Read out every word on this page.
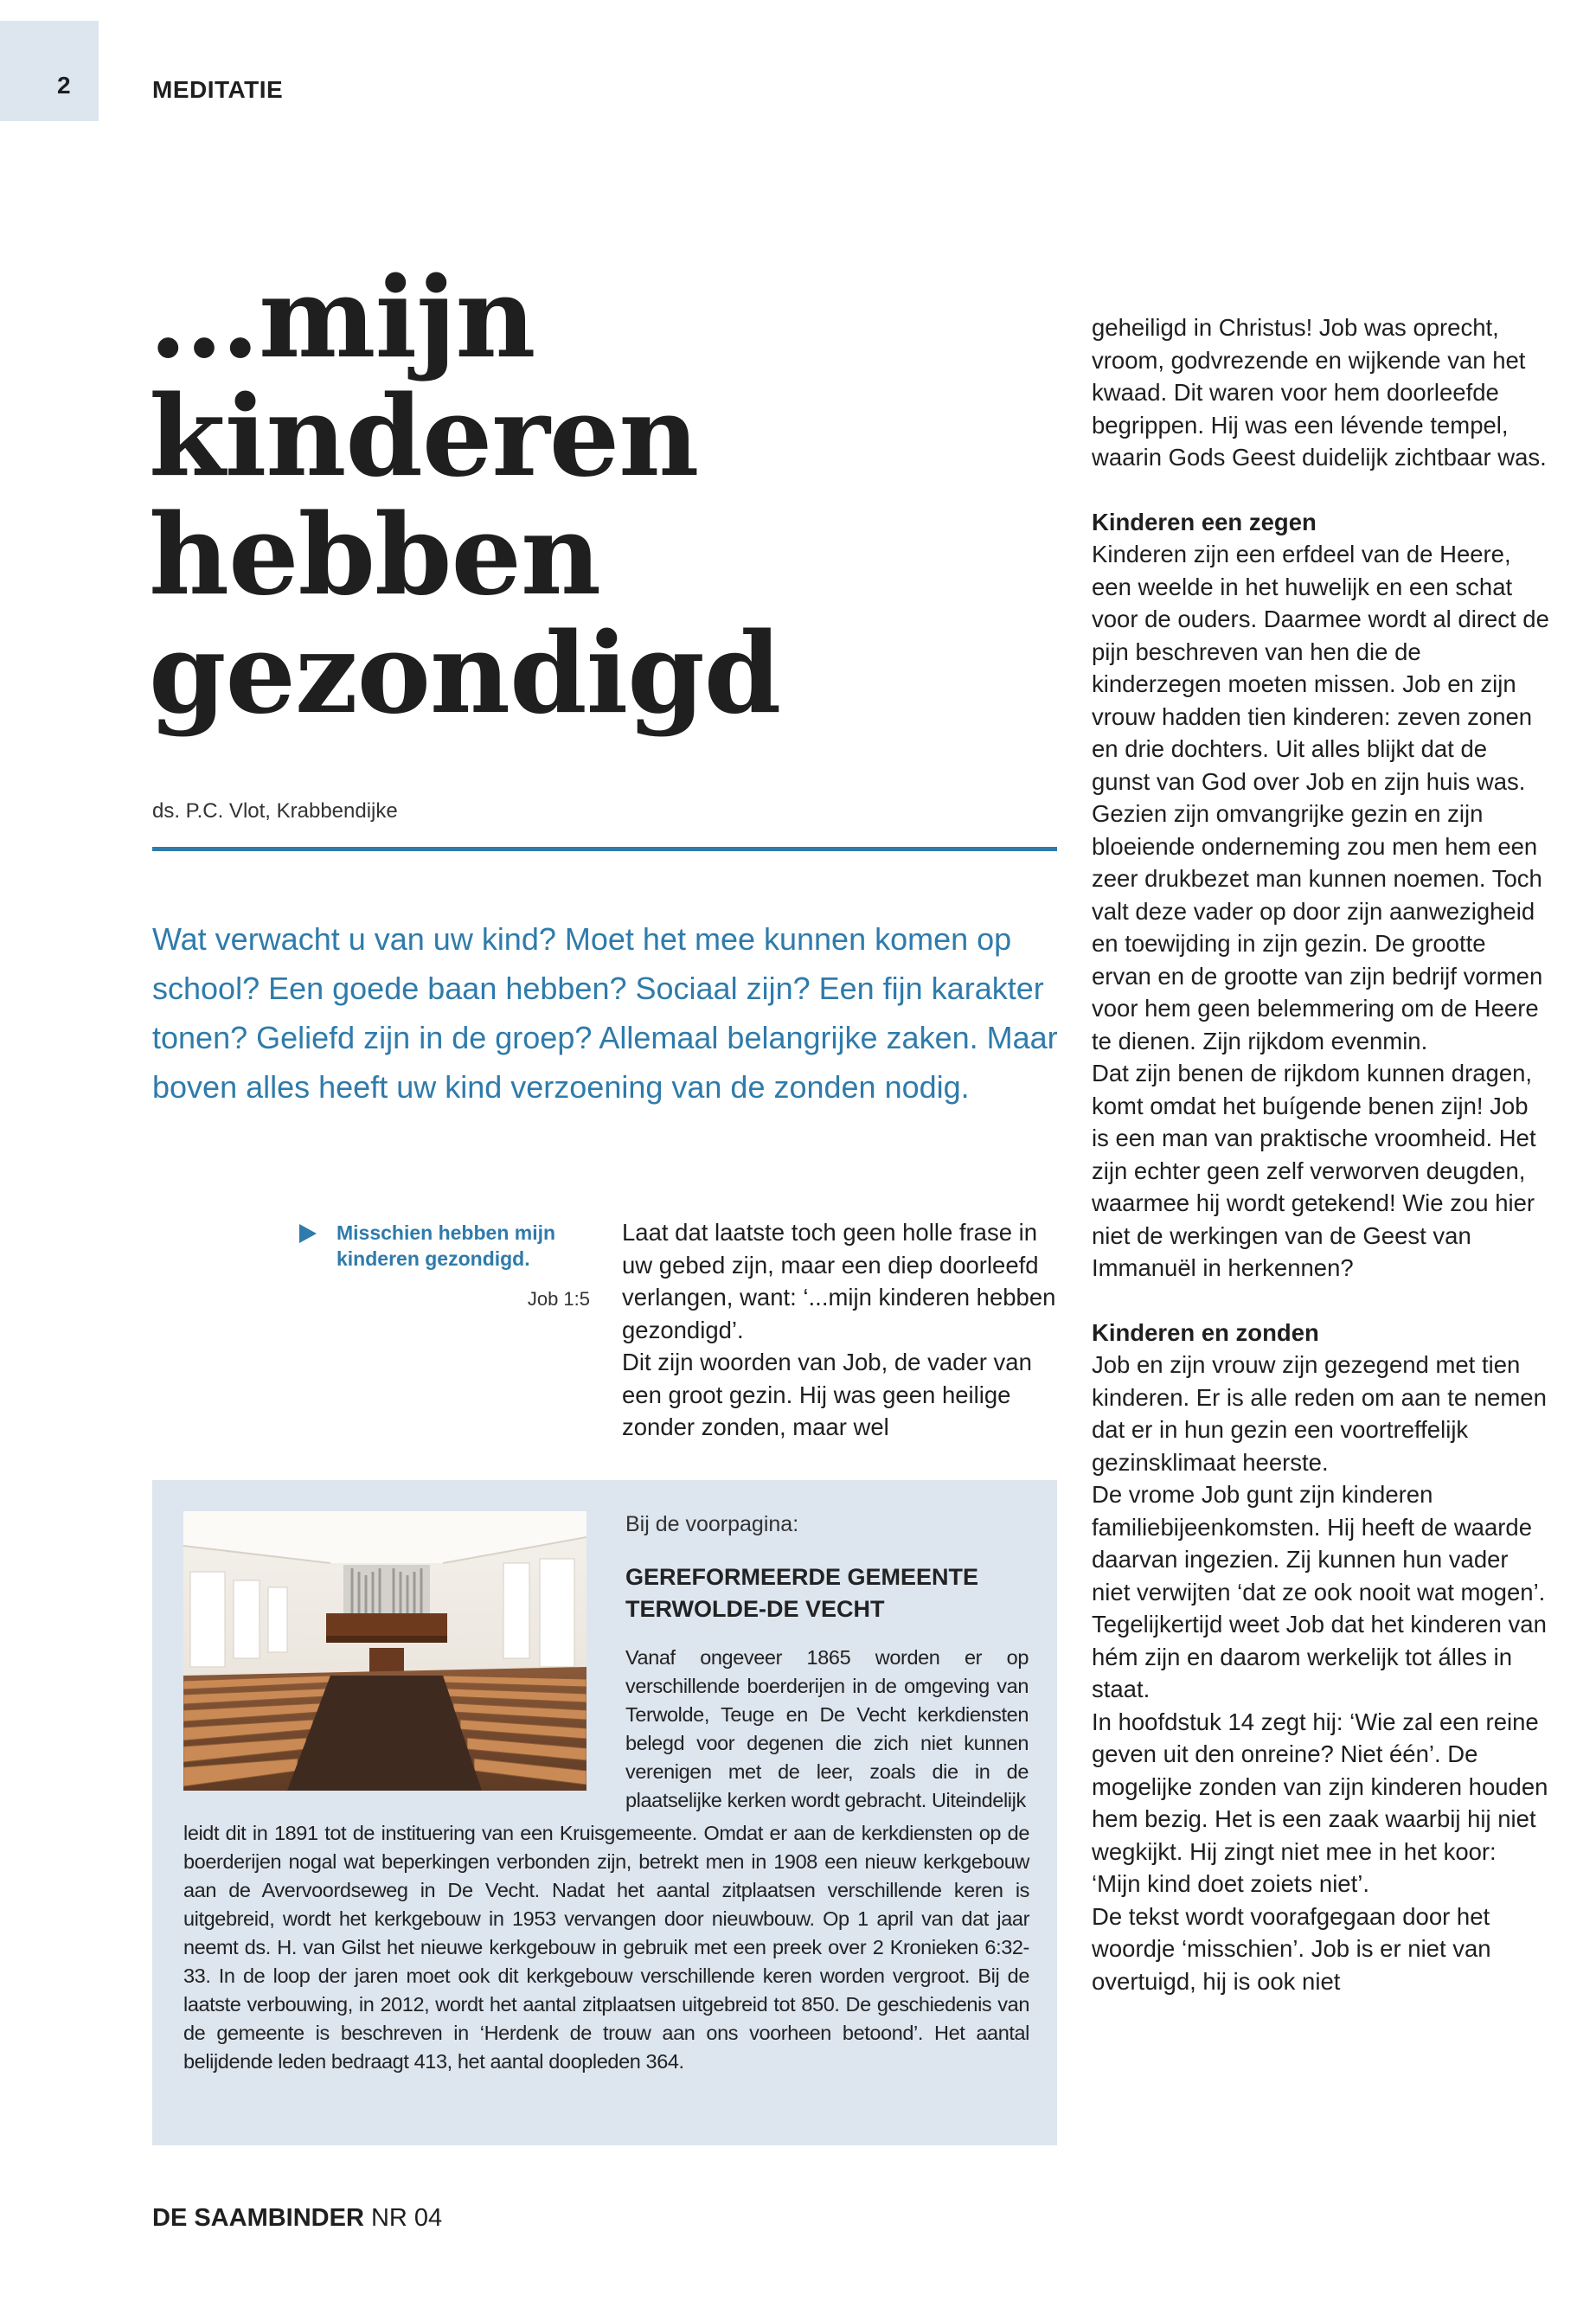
2	MEDITATIE
…mijn
kinderen
hebben
gezondigd
ds. P.C. Vlot, Krabbendijke
Wat verwacht u van uw kind? Moet het mee kunnen komen op school? Een goede baan hebben? Sociaal zijn? Een fijn karakter tonen? Geliefd zijn in de groep? Allemaal belangrijke zaken. Maar boven alles heeft uw kind verzoening van de zonden nodig.
Misschien hebben mijn kinderen gezondigd.
Job 1:5

Laat dat laatste toch geen holle frase in uw gebed zijn, maar een diep doorleefd verlangen, want: ‘...mijn kinderen hebben gezondigd’.

Dit zijn woorden van Job, de vader van een groot gezin. Hij was geen heilige zonder zonden, maar wel

geheiligd in Christus! Job was oprecht, vroom, godvrezende en wijkende van het kwaad. Dit waren voor hem doorleefde begrippen. Hij was een lévende tempel, waarin Gods Geest duidelijk zichtbaar was.

Kinderen een zegen

Kinderen zijn een erfdeel van de Heere, een weelde in het huwelijk en een schat voor de ouders. Daarmee wordt al direct de pijn beschreven van hen die de kinderzegen moeten missen. Job en zijn vrouw hadden tien kinderen: zeven zonen en drie dochters. Uit alles blijkt dat de gunst van God over Job en zijn huis was.

Gezien zijn omvangrijke gezin en zijn bloeiende onderneming zou men hem een zeer drukbezet man kunnen noemen. Toch valt deze vader op door zijn aanwezigheid en toewijding in zijn gezin. De grootte ervan en de grootte van zijn bedrijf vormen voor hem geen belemmering om de Heere te dienen. Zijn rijkdom evenmin.

Dat zijn benen de rijkdom kunnen dragen, komt omdat het buígende benen zijn! Job is een man van praktische vroomheid. Het zijn echter geen zelf verworven deugden, waarmee hij wordt getekend! Wie zou hier niet de werkingen van de Geest van Immanuël in herkennen?

Kinderen en zonden

Job en zijn vrouw zijn gezegend met tien kinderen. Er is alle reden om aan te nemen dat er in hun gezin een voortreffelijk gezinsklimaat heerste.

De vrome Job gunt zijn kinderen familiebijeenkomsten. Hij heeft de waarde daarvan ingezien. Zij kunnen hun vader niet verwijten ‘dat ze ook nooit wat mogen’. Tegelijkertijd weet Job dat het kinderen van hém zijn en daarom werkelijk tot álles in staat.

In hoofdstuk 14 zegt hij: ‘Wie zal een reine geven uit den onreine? Niet één’. De mogelijke zonden van zijn kinderen houden hem bezig. Het is een zaak waarbij hij niet wegkijkt. Hij zingt niet mee in het koor: ‘Mijn kind doet zoiets niet’.

De tekst wordt voorafgegaan door het woordje ‘misschien’. Job is er niet van overtuigd, hij is ook niet

Bij de voorpagina:
GEREFORMEERDE GEMEENTE TERWOLDE-DE VECHT
Vanaf ongeveer 1865 worden er op verschillende boerderijen in de omgeving van Terwolde, Teuge en De Vecht kerkdiensten belegd voor degenen die zich niet kunnen verenigen met de leer, zoals die in de plaatselijke kerken wordt gebracht. Uiteindelijk
leidt dit in 1891 tot de instituering van een Kruisgemeente. Omdat er aan de kerkdiensten op de boerderijen nogal wat beperkingen verbonden zijn, betrekt men in 1908 een nieuw kerkgebouw aan de Avervoordseweg in De Vecht. Nadat het aantal zitplaatsen verschillende keren is uitgebreid, wordt het kerkgebouw in 1953 vervangen door nieuwbouw. Op 1 april van dat jaar neemt ds. H. van Gilst het nieuwe kerkgebouw in gebruik met een preek over 2 Kronieken 6:32-33. In de loop der jaren moet ook dit kerkgebouw verschillende keren worden vergroot. Bij de laatste verbouwing, in 2012, wordt het aantal zitplaatsen uitgebreid tot 850. De geschiedenis van de gemeente is beschreven in ‘Herdenk de trouw aan ons voorheen betoond’. Het aantal belijdende leden bedraagt 413, het aantal doopleden 364.
DE SAAMBINDER NR 04
